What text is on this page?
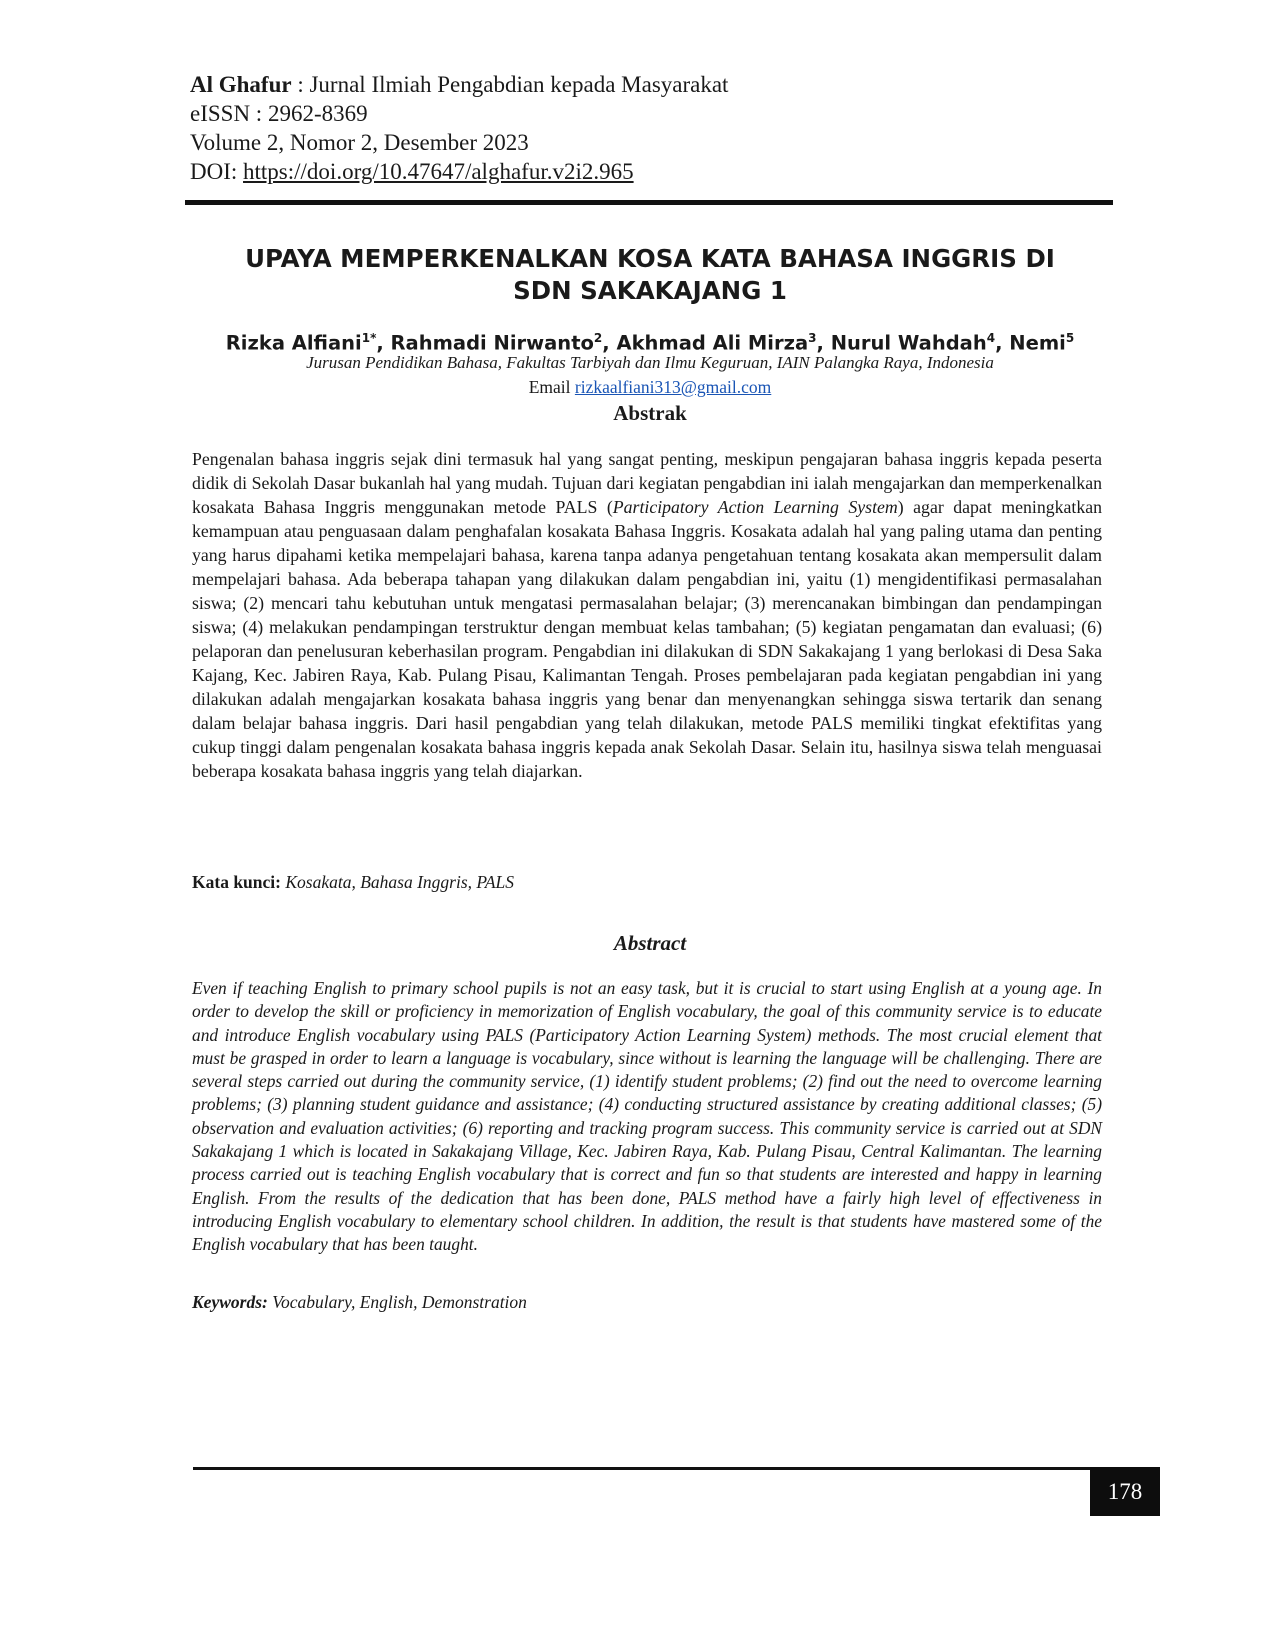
Al Ghafur : Jurnal Ilmiah Pengabdian kepada Masyarakat
eISSN : 2962-8369
Volume 2, Nomor 2, Desember 2023
DOI: https://doi.org/10.47647/alghafur.v2i2.965
UPAYA MEMPERKENALKAN KOSA KATA BAHASA INGGRIS DI
SDN SAKAKAJANG 1
Rizka Alfiani$^{1*}$, Rahmadi Nirwanto$^2$, Akhmad Ali Mirza$^3$, Nurul Wahdah$^4$, Nemi$^5$
Jurusan Pendidikan Bahasa, Fakultas Tarbiyah dan Ilmu Keguruan, IAIN Palangka Raya, Indonesia
Email rizkaalfiani313@gmail.com
Abstrak
Pengenalan bahasa inggris sejak dini termasuk hal yang sangat penting, meskipun pengajaran bahasa inggris kepada peserta didik di Sekolah Dasar bukanlah hal yang mudah. Tujuan dari kegiatan pengabdian ini ialah mengajarkan dan memperkenalkan kosakata Bahasa Inggris menggunakan metode PALS (Participatory Action Learning System) agar dapat meningkatkan kemampuan atau penguasaan dalam penghafalan kosakata Bahasa Inggris. Kosakata adalah hal yang paling utama dan penting yang harus dipahami ketika mempelajari bahasa, karena tanpa adanya pengetahuan tentang kosakata akan mempersulit dalam mempelajari bahasa. Ada beberapa tahapan yang dilakukan dalam pengabdian ini, yaitu (1) mengidentifikasi permasalahan siswa; (2) mencari tahu kebutuhan untuk mengatasi permasalahan belajar; (3) merencanakan bimbingan dan pendampingan siswa; (4) melakukan pendampingan terstruktur dengan membuat kelas tambahan; (5) kegiatan pengamatan dan evaluasi; (6) pelaporan dan penelusuran keberhasilan program. Pengabdian ini dilakukan di SDN Sakakajang 1 yang berlokasi di Desa Saka Kajang, Kec. Jabiren Raya, Kab. Pulang Pisau, Kalimantan Tengah. Proses pembelajaran pada kegiatan pengabdian ini yang dilakukan adalah mengajarkan kosakata bahasa inggris yang benar dan menyenangkan sehingga siswa tertarik dan senang dalam belajar bahasa inggris. Dari hasil pengabdian yang telah dilakukan, metode PALS memiliki tingkat efektifitas yang cukup tinggi dalam pengenalan kosakata bahasa inggris kepada anak Sekolah Dasar. Selain itu, hasilnya siswa telah menguasai beberapa kosakata bahasa inggris yang telah diajarkan.
Kata kunci: Kosakata, Bahasa Inggris, PALS
Abstract
Even if teaching English to primary school pupils is not an easy task, but it is crucial to start using English at a young age. In order to develop the skill or proficiency in memorization of English vocabulary, the goal of this community service is to educate and introduce English vocabulary using PALS (Participatory Action Learning System) methods. The most crucial element that must be grasped in order to learn a language is vocabulary, since without is learning the language will be challenging. There are several steps carried out during the community service, (1) identify student problems; (2) find out the need to overcome learning problems; (3) planning student guidance and assistance; (4) conducting structured assistance by creating additional classes; (5) observation and evaluation activities; (6) reporting and tracking program success. This community service is carried out at SDN Sakakajang 1 which is located in Sakakajang Village, Kec. Jabiren Raya, Kab. Pulang Pisau, Central Kalimantan. The learning process carried out is teaching English vocabulary that is correct and fun so that students are interested and happy in learning English. From the results of the dedication that has been done, PALS method have a fairly high level of effectiveness in introducing English vocabulary to elementary school children. In addition, the result is that students have mastered some of the English vocabulary that has been taught.
Keywords: Vocabulary, English, Demonstration
178
